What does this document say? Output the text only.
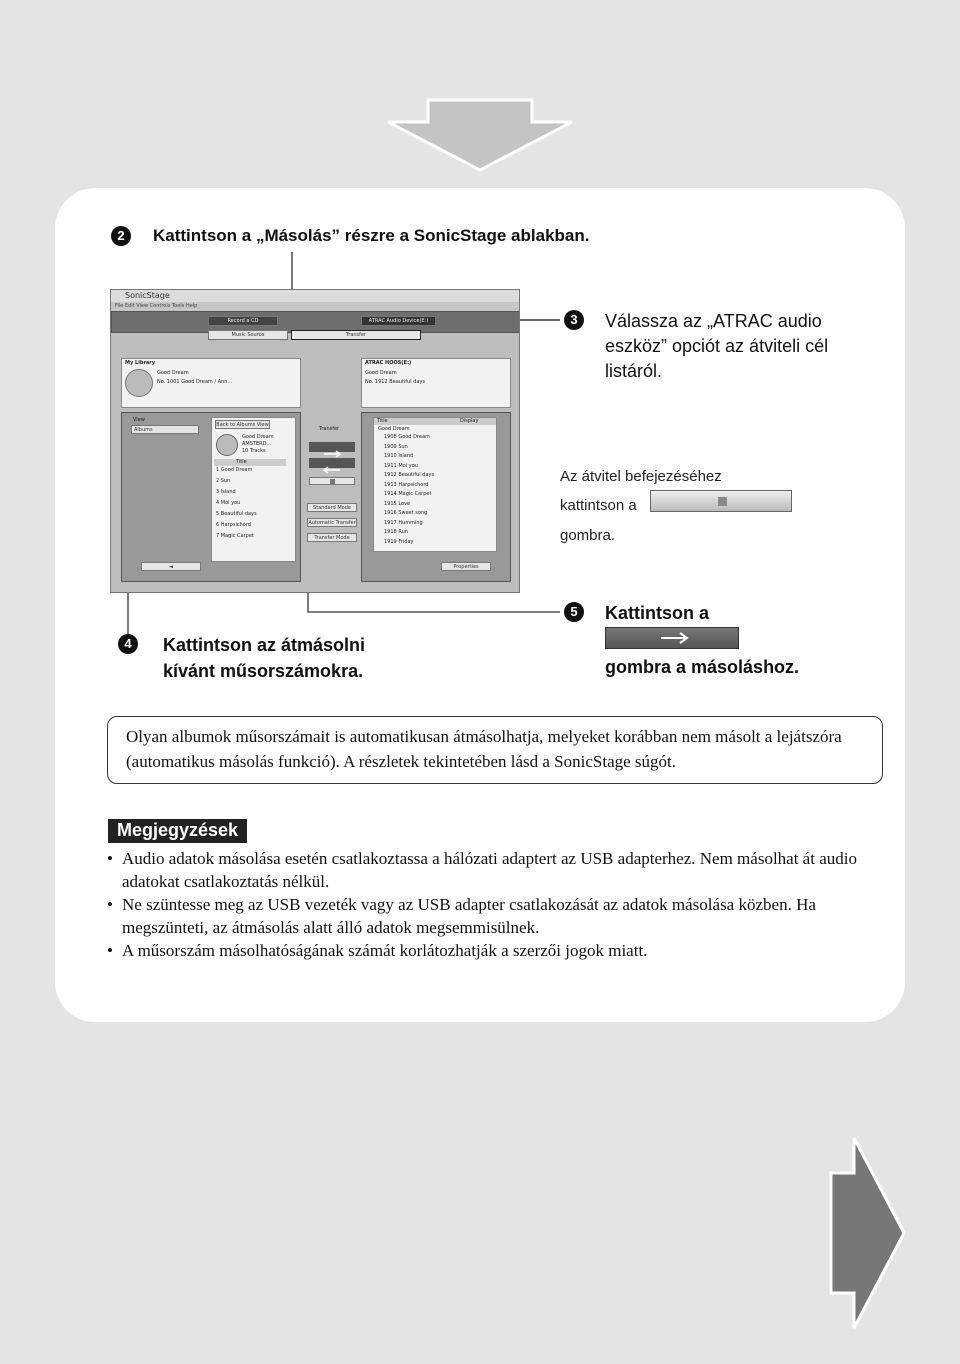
2	Kattintson a „Másolás” részre a SonicStage ablakban.
SonicStage
File Edit View Controls Tools Help
Record a CD
Music Source	Transfer
ATRAC Audio Device(E:)
My Library
Good Dream
No. 1001 Good Dream / Ann...
ATRAC HOOS(E:)
Good Dream
No. 1912 Beautiful days
View
Albums
Back to Albums View
Good Dream
AMSTERD...
10 Tracks
Title
1 Good Dream
2 Sun
3 Island
4 Moi you
5 Beautiful days
6 Harpsichord
7 Magic Carpet
Transfer
Standard Mode
Automatic Transfer
Transfer Mode
Title	Display
Good Dream
1908 Good Dream
1909 Sun
1910 Island
1911 Moi you
1912 Beautiful days
1913 Harpsichord
1914 Magic Carpet
1915 Love
1916 Sweet song
1917 Humming
1918 Run
1919 Friday
Properties
◄
3	Válassza az „ATRAC audio
eszköz” opciót az átviteli cél
listáról.
Az átvitel befejezéséhez
kattintson a
gombra.
5	Kattintson a
gombra a másoláshoz.
4	Kattintson az átmásolni
kívánt műsorszámokra.
Olyan albumok műsorszámait is automatikusan átmásolhatja, melyeket korábban nem másolt a lejátszóra (automatikus másolás funkció). A részletek tekintetében lásd a SonicStage súgót.
Megjegyzések
• Audio adatok másolása esetén csatlakoztassa a hálózati adaptert az USB adapterhez. Nem másolhat át audio adatokat csatlakoztatás nélkül.
• Ne szüntesse meg az USB vezeték vagy az USB adapter csatlakozását az adatok másolása közben. Ha megszünteti, az átmásolás alatt álló adatok megsemmisülnek.
• A műsorszám másolhatóságának számát korlátozhatják a szerzői jogok miatt.
